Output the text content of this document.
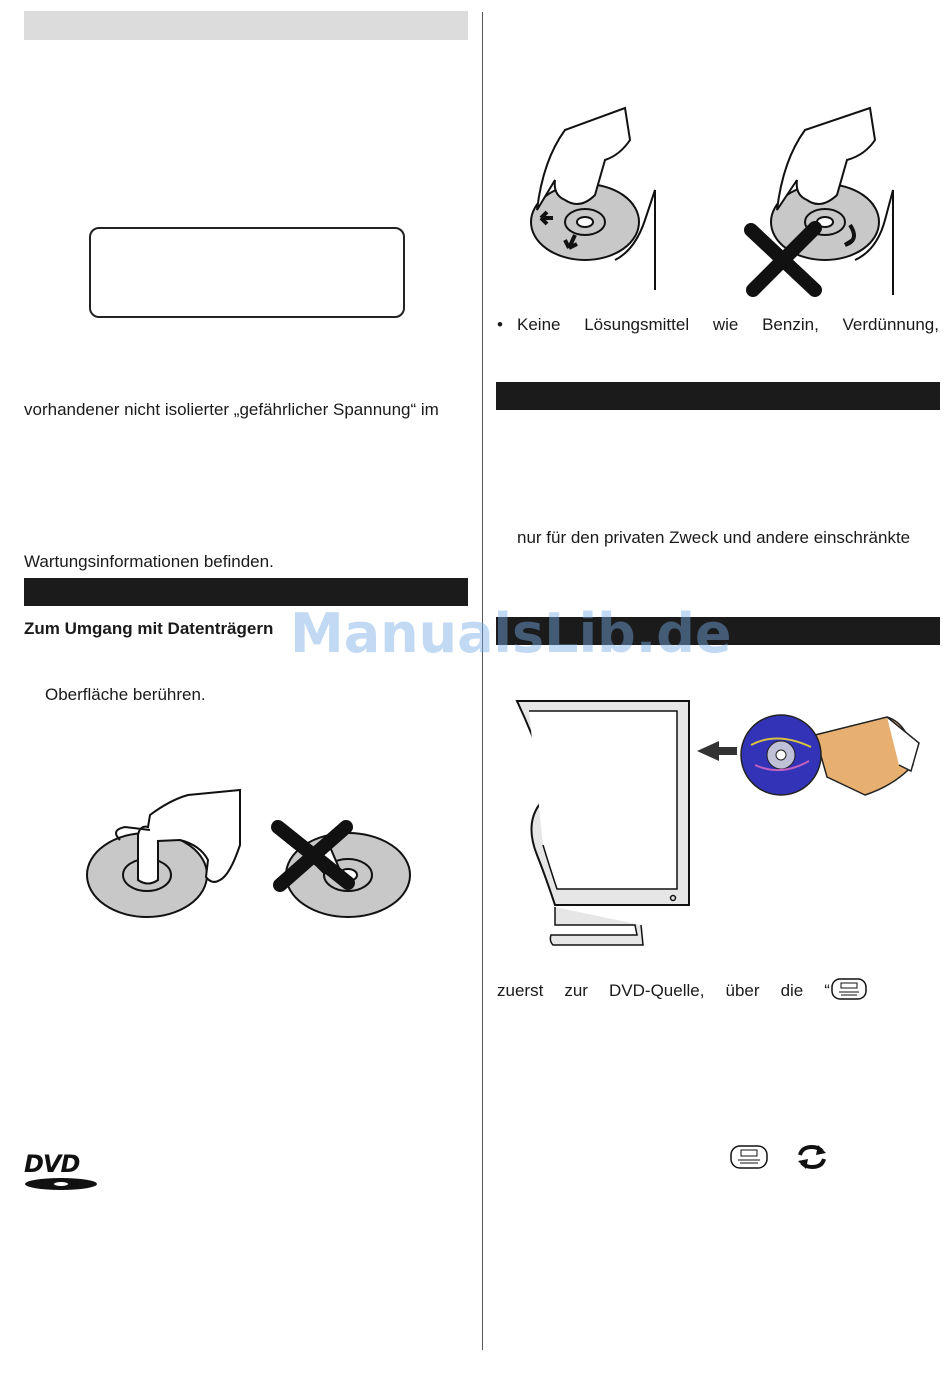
vorhandener nicht isolierter „gefährlicher Spannung“ im
Wartungsinformationen befinden.
Zum Umgang mit Datenträgern
Oberfläche berühren.
DVD
• Keine Lösungsmittel wie Benzin, Verdünnung,
nur für den privaten Zweck und andere einschränkte
zuerst zur DVD-Quelle, über die “
ManualsLib.de
